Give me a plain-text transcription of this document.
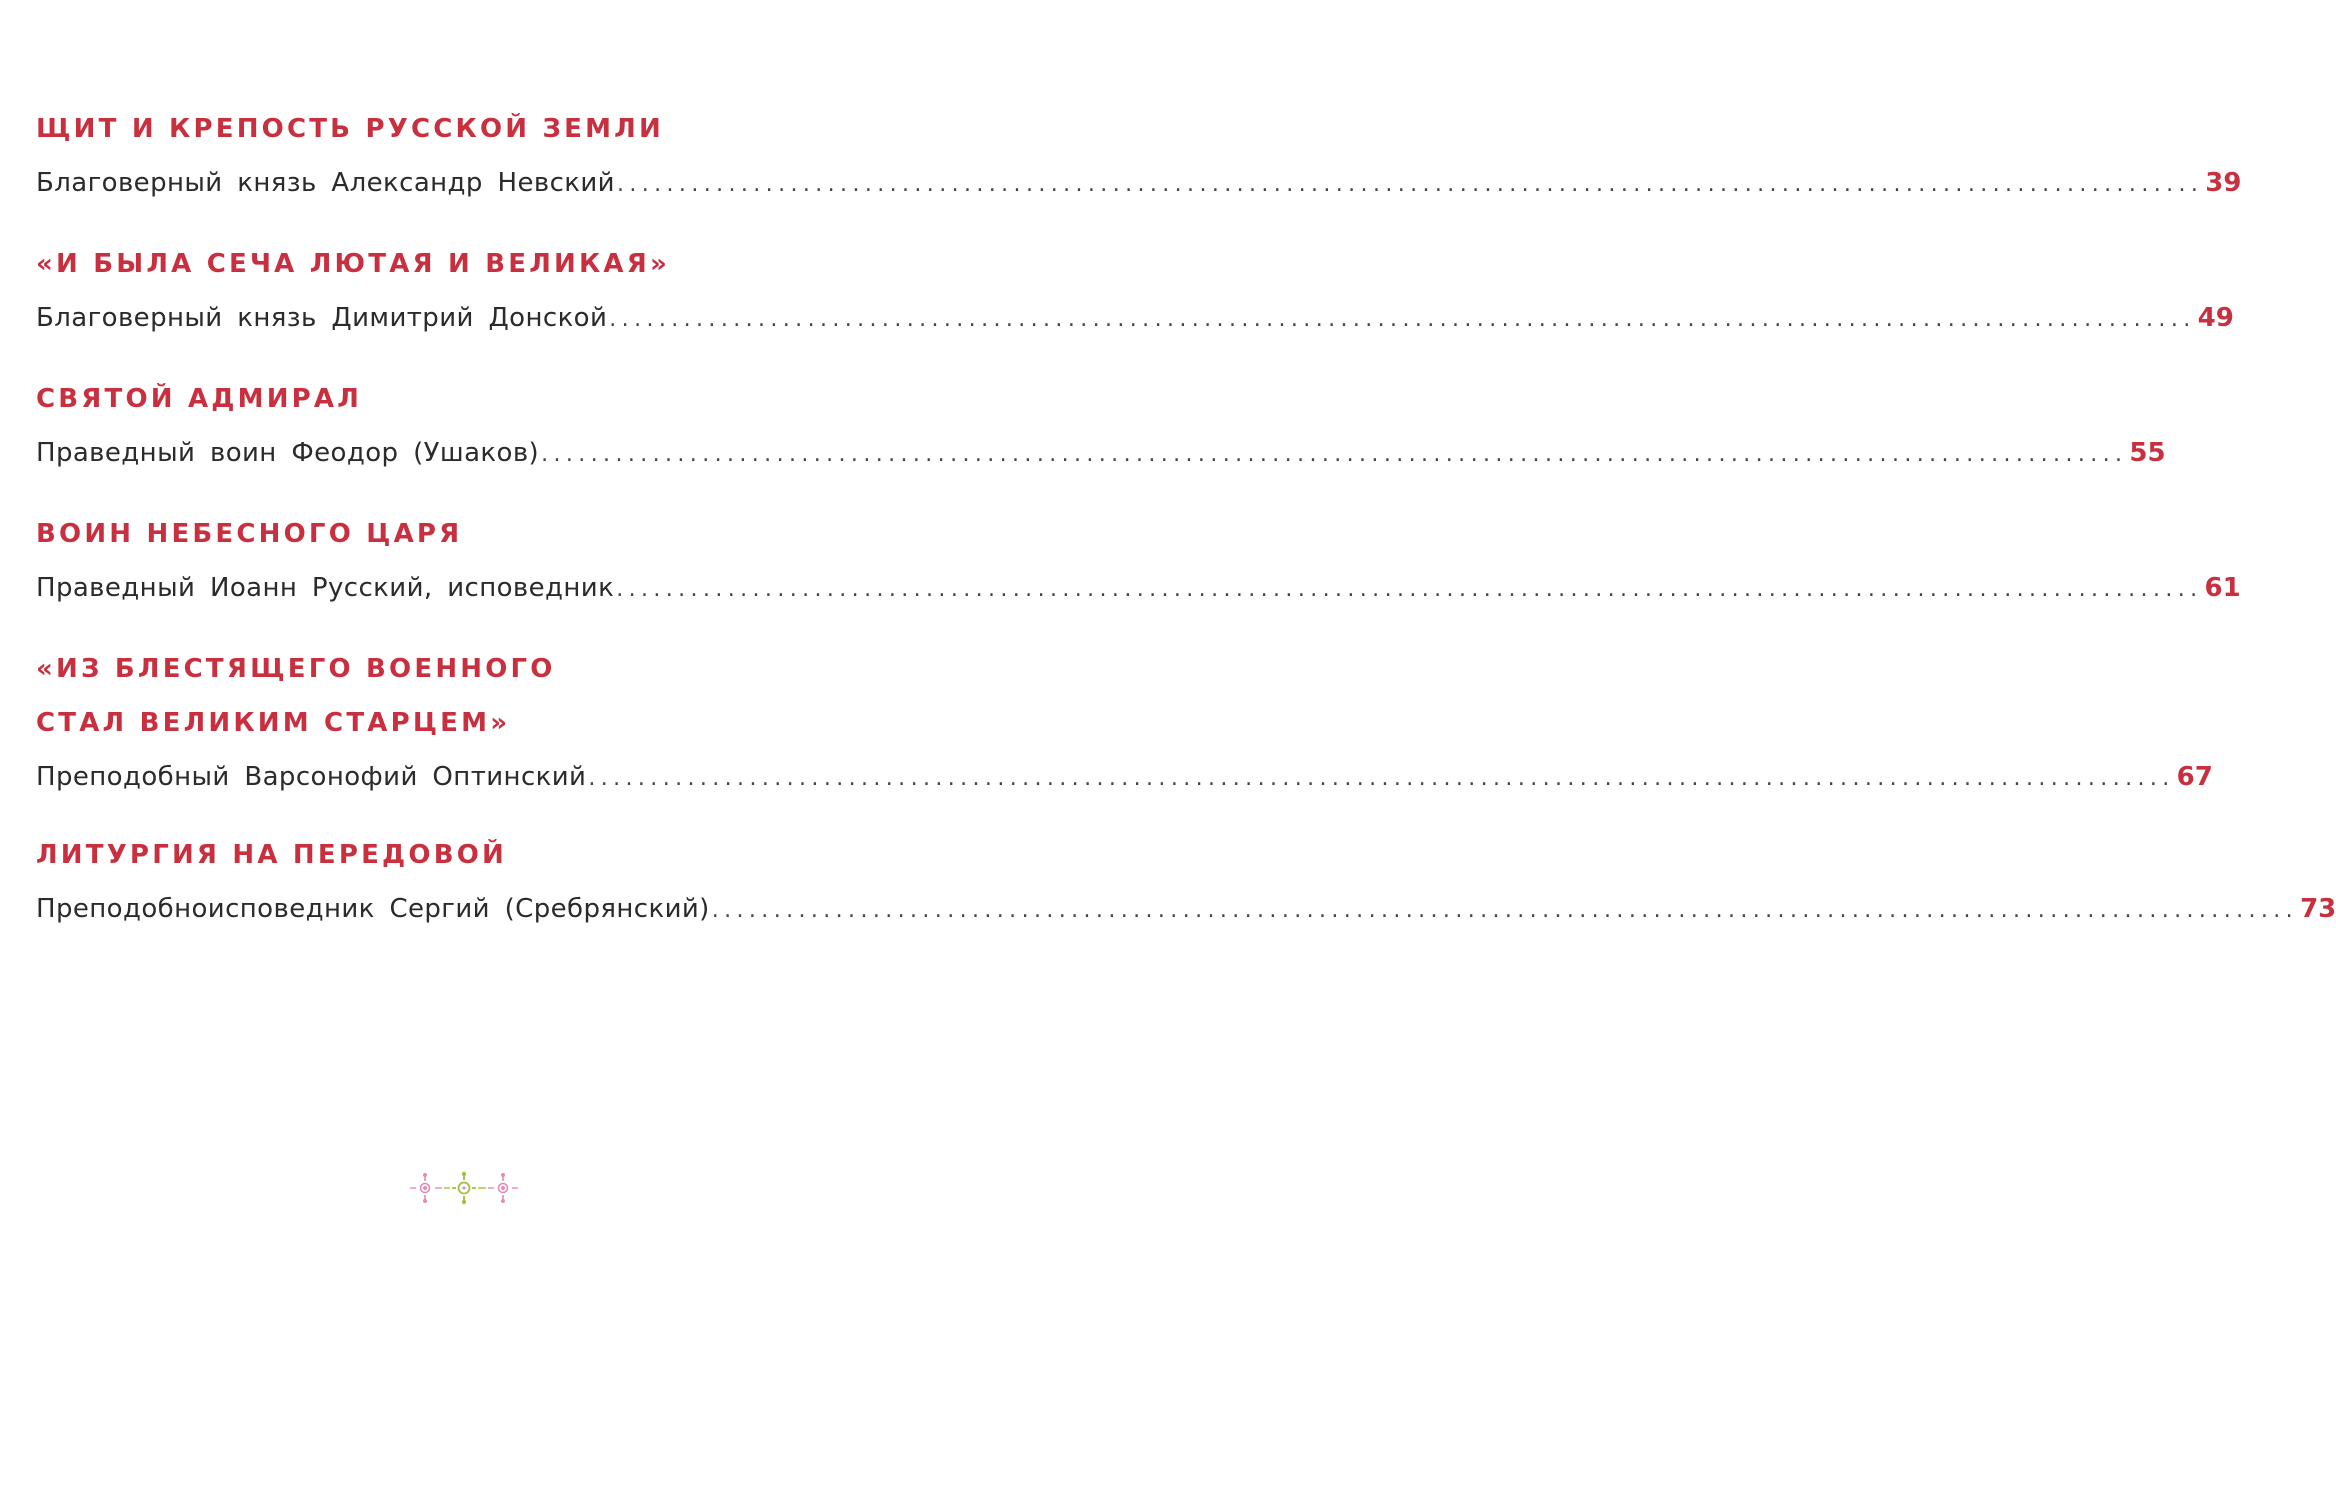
ЩИТ И КРЕПОСТЬ РУССКОЙ ЗЕМЛИ
Благоверный князь Александр Невский ................................................................................................................................ 39
«И БЫЛА СЕЧА ЛЮТАЯ И ВЕЛИКАЯ»
Благоверный князь Димитрий Донской ................................................................................................................................ 49
СВЯТОЙ АДМИРАЛ
Праведный воин Феодор (Ушаков) ................................................................................................................................ 55
ВОИН НЕБЕСНОГО ЦАРЯ
Праведный Иоанн Русский, исповедник ................................................................................................................................ 61
«ИЗ БЛЕСТЯЩЕГО ВОЕННОГО
СТАЛ ВЕЛИКИМ СТАРЦЕМ»
Преподобный Варсонофий Оптинский ................................................................................................................................ 67
ЛИТУРГИЯ НА ПЕРЕДОВОЙ
Преподобноисповедник Сергий (Сребрянский) ................................................................................................................................ 73
